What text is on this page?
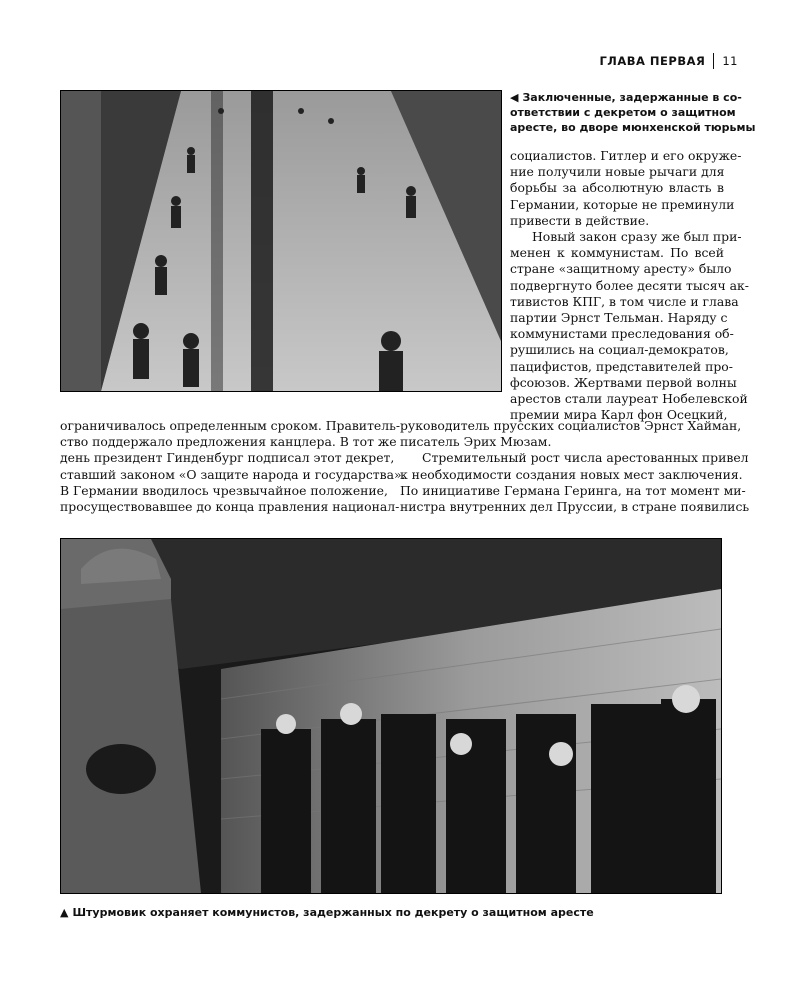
ГЛАВА ПЕРВАЯ 11
◀ Заключенные, задержанные в со-
ответствии с декретом о защитном
аресте, во дворе мюнхенской тюрьмы
социалистов. Гитлер и его окруже-
ние получили новые рычаги для
борьбы за абсолютную власть в
Германии, которые не преминули
привести в действие.
Новый закон сразу же был при-
менен к коммунистам. По всей
стране «защитному аресту» было
подвергнуто более десяти тысяч ак-
тивистов КПГ, в том числе и глава
партии Эрнст Тельман. Наряду с
коммунистами преследования об-
рушились на социал-демократов,
пацифистов, представителей про-
фсоюзов. Жертвами первой волны
арестов стали лауреат Нобелевской
премии мира Карл фон Осецкий,
ограничивалось определенным сроком. Правитель-
ство поддержало предложения канцлера. В тот же
день президент Гинденбург подписал этот декрет,
ставший законом «О защите народа и государства».
В Германии вводилось чрезвычайное положение,
просуществовавшее до конца правления национал-
руководитель прусских социалистов Эрнст Хайман,
писатель Эрих Мюзам.
Стремительный рост числа арестованных привел
к необходимости создания новых мест заключения.
По инициативе Германа Геринга, на тот момент ми-
нистра внутренних дел Пруссии, в стране появились
▲ Штурмовик охраняет коммунистов, задержанных по декрету о защитном аресте
